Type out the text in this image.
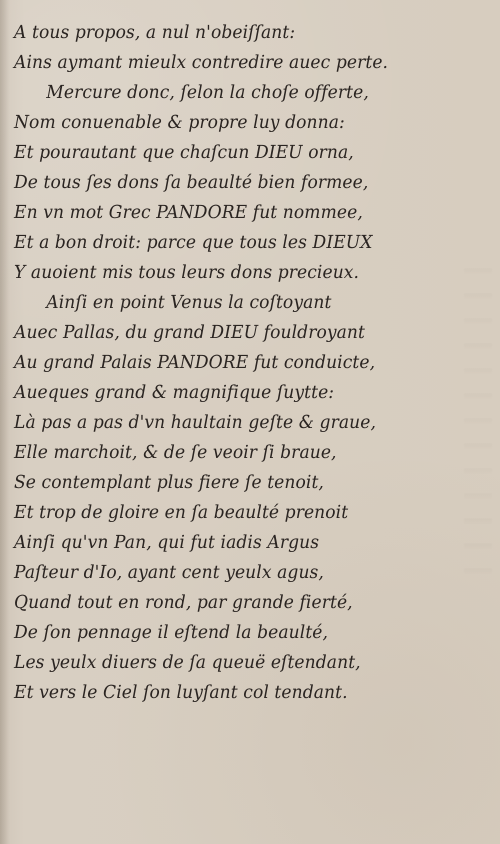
A tous propos, a nul n'obeiſſant:
Ains aymant mieulx contredire auec perte.
Mercure donc, ſelon la choſe offerte,
Nom conuenable & propre luy donna:
Et pourautant que chaſcun DIEU orna,
De tous ſes dons ſa beaulté bien formee,
En vn mot Grec PANDORE fut nommee,
Et a bon droit: parce que tous les DIEUX
Y auoient mis tous leurs dons precieux.
Ainſi en point Venus la coſtoyant
Auec Pallas, du grand DIEU fouldroyant
Au grand Palais PANDORE fut conduicte,
Aueques grand & magnifique ſuytte:
Là pas a pas d'vn haultain geſte & graue,
Elle marchoit, & de ſe veoir ſi braue,
Se contemplant plus fiere ſe tenoit,
Et trop de gloire en ſa beaulté prenoit
Ainſi qu'vn Pan, qui fut iadis Argus
Paſteur d'Io, ayant cent yeulx agus,
Quand tout en rond, par grande fierté,
De ſon pennage il eſtend la beaulté,
Les yeulx diuers de ſa queuë eſtendant,
Et vers le Ciel ſon luyſant col tendant.
